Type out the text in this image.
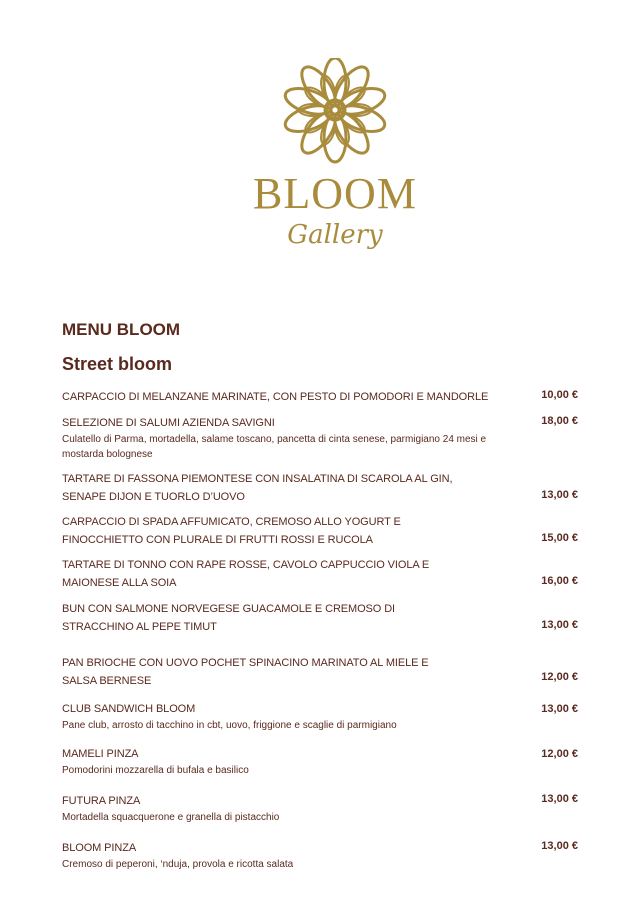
BLOOM
Gallery
MENU BLOOM
Street bloom
CARPACCIO DI MELANZANE MARINATE, CON PESTO DI POMODORI E MANDORLE	10,00 €
SELEZIONE DI SALUMI AZIENDA SAVIGNI
Culatello di Parma, mortadella, salame toscano, pancetta di cinta senese, parmigiano 24 mesi e mostarda bolognese
18,00 €
TARTARE DI FASSONA PIEMONTESE CON INSALATINA DI SCAROLA AL GIN, SENAPE DIJON E TUORLO D’UOVO	13,00 €
CARPACCIO DI SPADA AFFUMICATO, CREMOSO ALLO YOGURT E FINOCCHIETTO CON PLURALE DI FRUTTI ROSSI E RUCOLA	15,00 €
TARTARE DI TONNO CON RAPE ROSSE, CAVOLO CAPPUCCIO VIOLA E MAIONESE ALLA SOIA	16,00 €
BUN CON SALMONE NORVEGESE GUACAMOLE E CREMOSO DI STRACCHINO AL PEPE TIMUT	13,00 €
PAN BRIOCHE CON UOVO POCHET SPINACINO MARINATO AL MIELE E SALSA BERNESE	12,00 €
CLUB SANDWICH BLOOM
Pane club, arrosto di tacchino in cbt, uovo, friggione e scaglie di parmigiano
13,00 €
MAMELI PINZA
Pomodorini mozzarella di bufala e basilico
12,00 €
FUTURA PINZA
Mortadella squacquerone e granella di pistacchio
13,00 €
BLOOM PINZA
Cremoso di peperoni, ‘nduja, provola e ricotta salata
13,00 €
